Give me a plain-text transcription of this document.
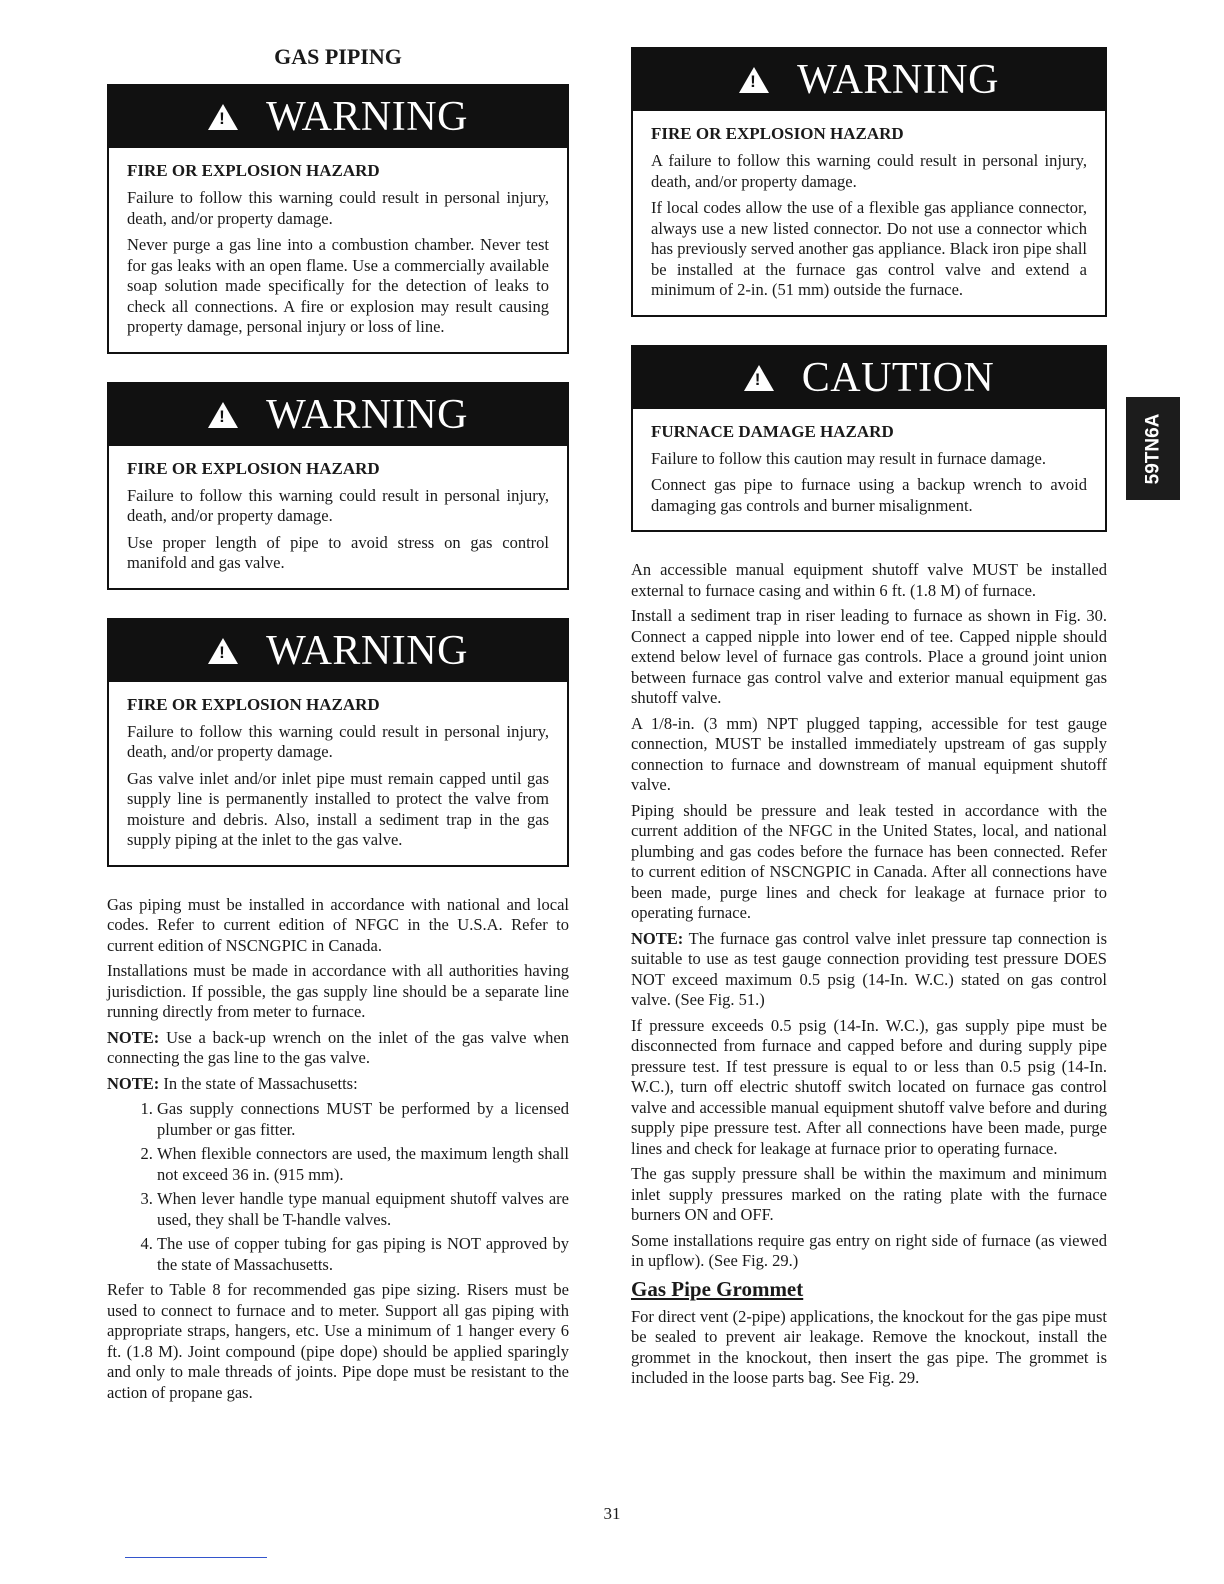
GAS PIPING
! WARNING
FIRE OR EXPLOSION HAZARD

Failure to follow this warning could result in personal injury, death, and/or property damage.

Never purge a gas line into a combustion chamber. Never test for gas leaks with an open flame. Use a commercially available soap solution made specifically for the detection of leaks to check all connections. A fire or explosion may result causing property damage, personal injury or loss of line.

! WARNING
FIRE OR EXPLOSION HAZARD

Failure to follow this warning could result in personal injury, death, and/or property damage.

Use proper length of pipe to avoid stress on gas control manifold and gas valve.

! WARNING
FIRE OR EXPLOSION HAZARD

Failure to follow this warning could result in personal injury, death, and/or property damage.

Gas valve inlet and/or inlet pipe must remain capped until gas supply line is permanently installed to protect the valve from moisture and debris. Also, install a sediment trap in the gas supply piping at the inlet to the gas valve.

Gas piping must be installed in accordance with national and local codes. Refer to current edition of NFGC in the U.S.A. Refer to current edition of NSCNGPIC in Canada.

Installations must be made in accordance with all authorities having jurisdiction. If possible, the gas supply line should be a separate line running directly from meter to furnace.

NOTE: Use a back-up wrench on the inlet of the gas valve when connecting the gas line to the gas valve.

NOTE: In the state of Massachusetts:

1. Gas supply connections MUST be performed by a licensed plumber or gas fitter.
2. When flexible connectors are used, the maximum length shall not exceed 36 in. (915 mm).
3. When lever handle type manual equipment shutoff valves are used, they shall be T-handle valves.
4. The use of copper tubing for gas piping is NOT approved by the state of Massachusetts.

Refer to Table 8 for recommended gas pipe sizing. Risers must be used to connect to furnace and to meter. Support all gas piping with appropriate straps, hangers, etc. Use a minimum of 1 hanger every 6 ft. (1.8 M). Joint compound (pipe dope) should be applied sparingly and only to male threads of joints. Pipe dope must be resistant to the action of propane gas.

! WARNING
FIRE OR EXPLOSION HAZARD

A failure to follow this warning could result in personal injury, death, and/or property damage.

If local codes allow the use of a flexible gas appliance connector, always use a new listed connector. Do not use a connector which has previously served another gas appliance. Black iron pipe shall be installed at the furnace gas control valve and extend a minimum of 2-in. (51 mm) outside the furnace.

! CAUTION
FURNACE DAMAGE HAZARD

Failure to follow this caution may result in furnace damage.

Connect gas pipe to furnace using a backup wrench to avoid damaging gas controls and burner misalignment.

An accessible manual equipment shutoff valve MUST be installed external to furnace casing and within 6 ft. (1.8 M) of furnace.

Install a sediment trap in riser leading to furnace as shown in Fig. 30. Connect a capped nipple into lower end of tee. Capped nipple should extend below level of furnace gas controls. Place a ground joint union between furnace gas control valve and exterior manual equipment gas shutoff valve.

A 1/8-in. (3 mm) NPT plugged tapping, accessible for test gauge connection, MUST be installed immediately upstream of gas supply connection to furnace and downstream of manual equipment shutoff valve.

Piping should be pressure and leak tested in accordance with the current addition of the NFGC in the United States, local, and national plumbing and gas codes before the furnace has been connected. Refer to current edition of NSCNGPIC in Canada. After all connections have been made, purge lines and check for leakage at furnace prior to operating furnace.

NOTE: The furnace gas control valve inlet pressure tap connection is suitable to use as test gauge connection providing test pressure DOES NOT exceed maximum 0.5 psig (14-In. W.C.) stated on gas control valve. (See Fig. 51.)

If pressure exceeds 0.5 psig (14-In. W.C.), gas supply pipe must be disconnected from furnace and capped before and during supply pipe pressure test. If test pressure is equal to or less than 0.5 psig (14-In. W.C.), turn off electric shutoff switch located on furnace gas control valve and accessible manual equipment shutoff valve before and during supply pipe pressure test. After all connections have been made, purge lines and check for leakage at furnace prior to operating furnace.

The gas supply pressure shall be within the maximum and minimum inlet supply pressures marked on the rating plate with the furnace burners ON and OFF.

Some installations require gas entry on right side of furnace (as viewed in upflow). (See Fig. 29.)

Gas Pipe Grommet

For direct vent (2-pipe) applications, the knockout for the gas pipe must be sealed to prevent air leakage. Remove the knockout, install the grommet in the knockout, then insert the gas pipe. The grommet is included in the loose parts bag. See Fig. 29.

59TN6A
31
